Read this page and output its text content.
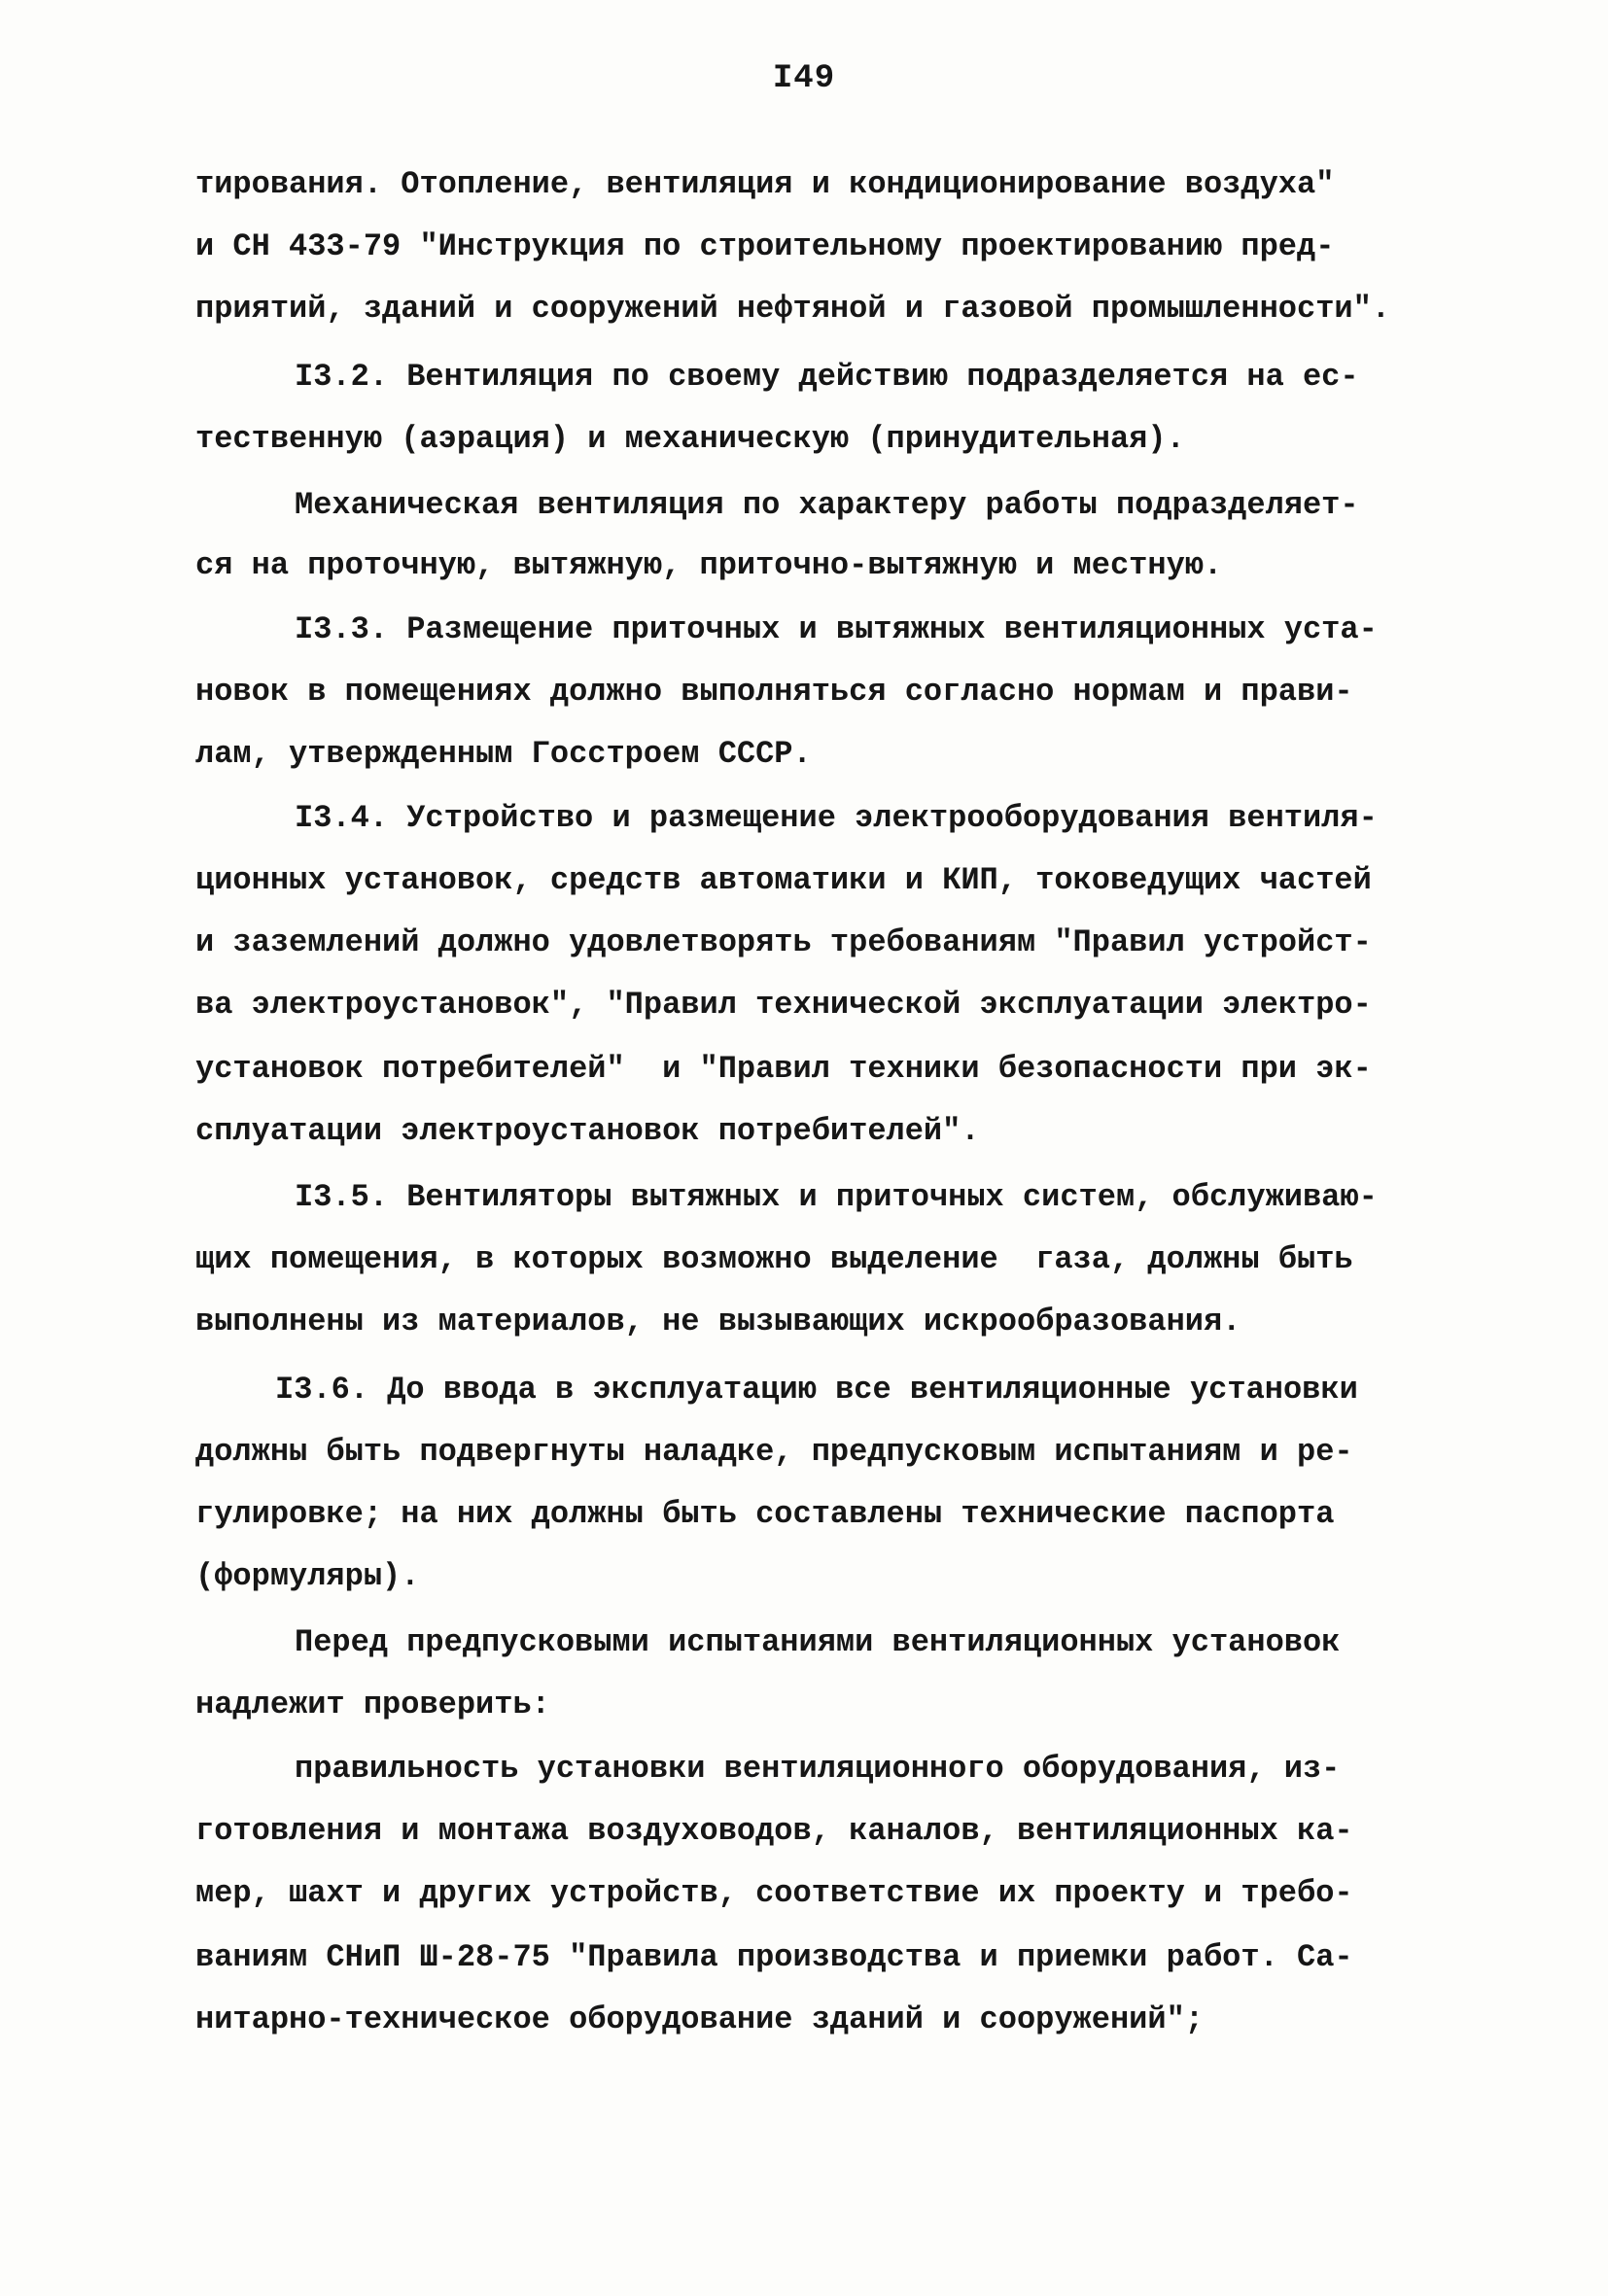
I49
тирования. Отопление, вентиляция и кондиционирование воздуха"
и СН 433-79 "Инструкция по строительному проектированию пред-
приятий, зданий и сооружений нефтяной и газовой промышленности".
I3.2. Вентиляция по своему действию подразделяется на ес-
тественную (аэрация) и механическую (принудительная).
Механическая вентиляция по характеру работы подразделяет-
ся на проточную, вытяжную, приточно-вытяжную и местную.
I3.3. Размещение приточных и вытяжных вентиляционных уста-
новок в помещениях должно выполняться согласно нормам и прави-
лам, утвержденным Госстроем СССР.
I3.4. Устройство и размещение электрооборудования вентиля-
ционных установок, средств автоматики и КИП, токоведущих частей
и заземлений должно удовлетворять требованиям "Правил устройст-
ва электроустановок", "Правил технической эксплуатации электро-
установок потребителей"  и "Правил техники безопасности при эк-
сплуатации электроустановок потребителей".
I3.5. Вентиляторы вытяжных и приточных систем, обслуживаю-
щих помещения, в которых возможно выделение  газа, должны быть
выполнены из материалов, не вызывающих искрообразования.
I3.6. До ввода в эксплуатацию все вентиляционные установки
должны быть подвергнуты наладке, предпусковым испытаниям и ре-
гулировке; на них должны быть составлены технические паспорта
(формуляры).
Перед предпусковыми испытаниями вентиляционных установок
надлежит проверить:
правильность установки вентиляционного оборудования, из-
готовления и монтажа воздуховодов, каналов, вентиляционных ка-
мер, шахт и других устройств, соответствие их проекту и требо-
ваниям СНиП Ш-28-75 "Правила производства и приемки работ. Са-
нитарно-техническое оборудование зданий и сооружений";
